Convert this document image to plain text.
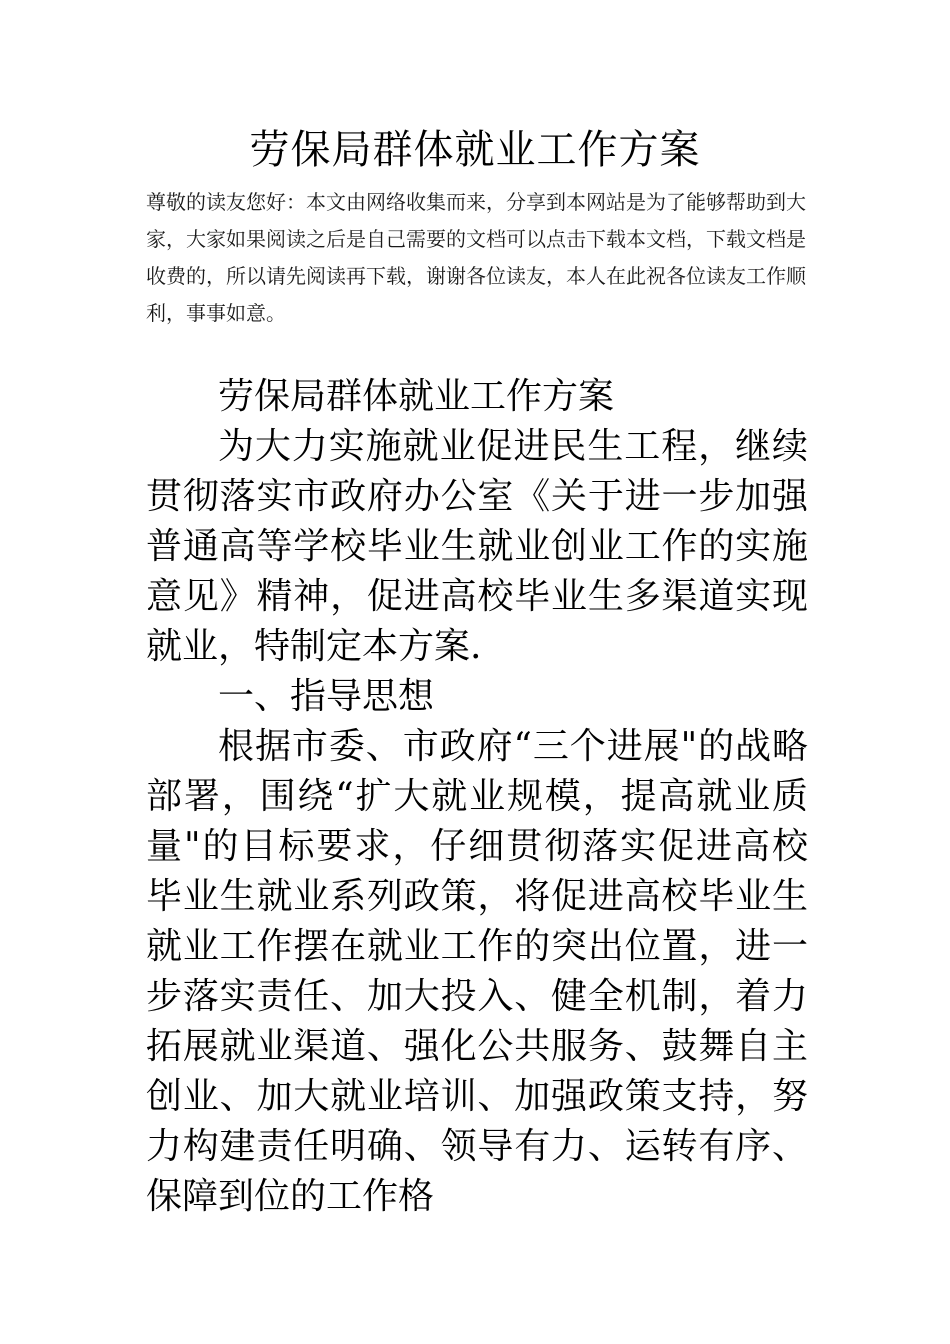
劳保局群体就业工作方案

尊敬的读友您好：本文由网络收集而来，分享到本网站是为了能够帮助到大家，大家如果阅读之后是自己需要的文档可以点击下载本文档，下载文档是收费的，所以请先阅读再下载，谢谢各位读友，本人在此祝各位读友工作顺利，事事如意。

劳保局群体就业工作方案

为大力实施就业促进民生工程，继续贯彻落实市政府办公室《关于进一步加强普通高等学校毕业生就业创业工作的实施意见》精神，促进高校毕业生多渠道实现就业，特制定本方案.

一、指导思想

根据市委、市政府“三个进展"的战略部署，围绕“扩大就业规模，提高就业质量"的目标要求，仔细贯彻落实促进高校毕业生就业系列政策，将促进高校毕业生就业工作摆在就业工作的突出位置，进一步落实责任、加大投入、健全机制，着力拓展就业渠道、强化公共服务、鼓舞自主创业、加大就业培训、加强政策支持，努力构建责任明确、领导有力、运转有序、保障到位的工作格
